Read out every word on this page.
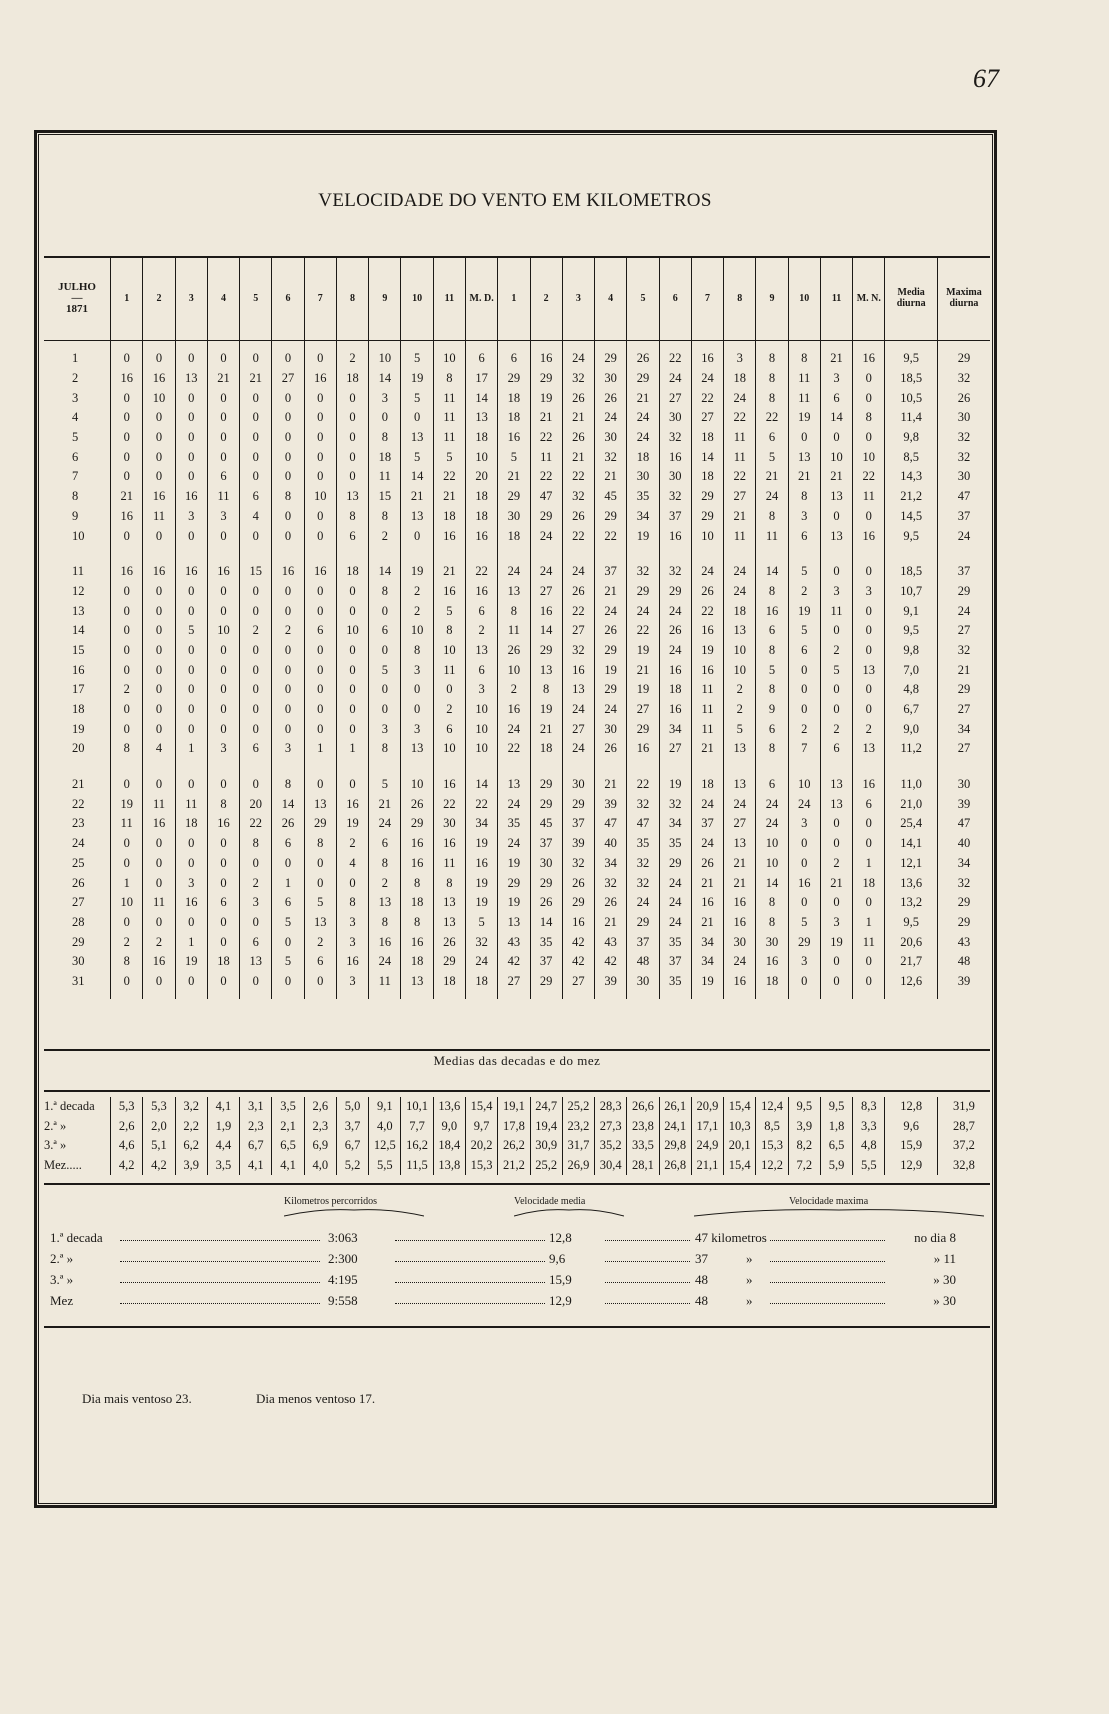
67
VELOCIDADE DO VENTO EM KILOMETROS
JULHO
—
1871	1	2	3	4	5	6	7	8	9	10	11	M. D.	1	2	3	4	5	6	7	8	9	10	11	M. N.	Media diurna	Maxima diurna

1	0	0	0	0	0	0	0	2	10	5	10	6	6	16	24	29	26	22	16	3	8	8	21	16	9,5	29
2	16	16	13	21	21	27	16	18	14	19	8	17	29	29	32	30	29	24	24	18	8	11	3	0	18,5	32
3	0	10	0	0	0	0	0	0	3	5	11	14	18	19	26	26	21	27	22	24	8	11	6	0	10,5	26
4	0	0	0	0	0	0	0	0	0	0	11	13	18	21	21	24	24	30	27	22	22	19	14	8	11,4	30
5	0	0	0	0	0	0	0	0	8	13	11	18	16	22	26	30	24	32	18	11	6	0	0	0	9,8	32
6	0	0	0	0	0	0	0	0	18	5	5	10	5	11	21	32	18	16	14	11	5	13	10	10	8,5	32
7	0	0	0	6	0	0	0	0	11	14	22	20	21	22	22	21	30	30	18	22	21	21	21	22	14,3	30
8	21	16	16	11	6	8	10	13	15	21	21	18	29	47	32	45	35	32	29	27	24	8	13	11	21,2	47
9	16	11	3	3	4	0	0	8	8	13	18	18	30	29	26	29	34	37	29	21	8	3	0	0	14,5	37
10	0	0	0	0	0	0	0	6	2	0	16	16	18	24	22	22	19	16	10	11	11	6	13	16	9,5	24

11	16	16	16	16	15	16	16	18	14	19	21	22	24	24	24	37	32	32	24	24	14	5	0	0	18,5	37
12	0	0	0	0	0	0	0	0	8	2	16	16	13	27	26	21	29	29	26	24	8	2	3	3	10,7	29
13	0	0	0	0	0	0	0	0	0	2	5	6	8	16	22	24	24	24	22	18	16	19	11	0	9,1	24
14	0	0	5	10	2	2	6	10	6	10	8	2	11	14	27	26	22	26	16	13	6	5	0	0	9,5	27
15	0	0	0	0	0	0	0	0	0	8	10	13	26	29	32	29	19	24	19	10	8	6	2	0	9,8	32
16	0	0	0	0	0	0	0	0	5	3	11	6	10	13	16	19	21	16	16	10	5	0	5	13	7,0	21
17	2	0	0	0	0	0	0	0	0	0	0	3	2	8	13	29	19	18	11	2	8	0	0	0	4,8	29
18	0	0	0	0	0	0	0	0	0	0	2	10	16	19	24	24	27	16	11	2	9	0	0	0	6,7	27
19	0	0	0	0	0	0	0	0	3	3	6	10	24	21	27	30	29	34	11	5	6	2	2	2	9,0	34
20	8	4	1	3	6	3	1	1	8	13	10	10	22	18	24	26	16	27	21	13	8	7	6	13	11,2	27

21	0	0	0	0	0	8	0	0	5	10	16	14	13	29	30	21	22	19	18	13	6	10	13	16	11,0	30
22	19	11	11	8	20	14	13	16	21	26	22	22	24	29	29	39	32	32	24	24	24	24	13	6	21,0	39
23	11	16	18	16	22	26	29	19	24	29	30	34	35	45	37	47	47	34	37	27	24	3	0	0	25,4	47
24	0	0	0	0	8	6	8	2	6	16	16	19	24	37	39	40	35	35	24	13	10	0	0	0	14,1	40
25	0	0	0	0	0	0	0	4	8	16	11	16	19	30	32	34	32	29	26	21	10	0	2	1	12,1	34
26	1	0	3	0	2	1	0	0	2	8	8	19	29	29	26	32	32	24	21	21	14	16	21	18	13,6	32
27	10	11	16	6	3	6	5	8	13	18	13	19	19	26	29	26	24	24	16	16	8	0	0	0	13,2	29
28	0	0	0	0	0	5	13	3	8	8	13	5	13	14	16	21	29	24	21	16	8	5	3	1	9,5	29
29	2	2	1	0	6	0	2	3	16	16	26	32	43	35	42	43	37	35	34	30	30	29	19	11	20,6	43
30	8	16	19	18	13	5	6	16	24	18	29	24	42	37	42	42	48	37	34	24	16	3	0	0	21,7	48
31	0	0	0	0	0	0	0	3	11	13	18	18	27	29	27	39	30	35	19	16	18	0	0	0	12,6	39

Medias das decadas e do mez
1.ª decada	5,3	5,3	3,2	4,1	3,1	3,5	2,6	5,0	9,1	10,1	13,6	15,4	19,1	24,7	25,2	28,3	26,6	26,1	20,9	15,4	12,4	9,5	9,5	8,3	12,8	31,9
2.ª »	2,6	2,0	2,2	1,9	2,3	2,1	2,3	3,7	4,0	7,7	9,0	9,7	17,8	19,4	23,2	27,3	23,8	24,1	17,1	10,3	8,5	3,9	1,8	3,3	9,6	28,7
3.ª »	4,6	5,1	6,2	4,4	6,7	6,5	6,9	6,7	12,5	16,2	18,4	20,2	26,2	30,9	31,7	35,2	33,5	29,8	24,9	20,1	15,3	8,2	6,5	4,8	15,9	37,2
Mez.....	4,2	4,2	3,9	3,5	4,1	4,1	4,0	5,2	5,5	11,5	13,8	15,3	21,2	25,2	26,9	30,4	28,1	26,8	21,1	15,4	12,2	7,2	5,9	5,5	12,9	32,8
Kilometros percorridos	Velocidade media	Velocidade maxima
1.ª decada	3:063	12,8	47 kilometros	no dia 8
2.ª »	2:300	9,6	37	»	» 11
3.ª »	4:195	15,9	48	»	» 30
Mez	9:558	12,9	48	»	» 30
Dia mais ventoso 23.	Dia menos ventoso 17.
